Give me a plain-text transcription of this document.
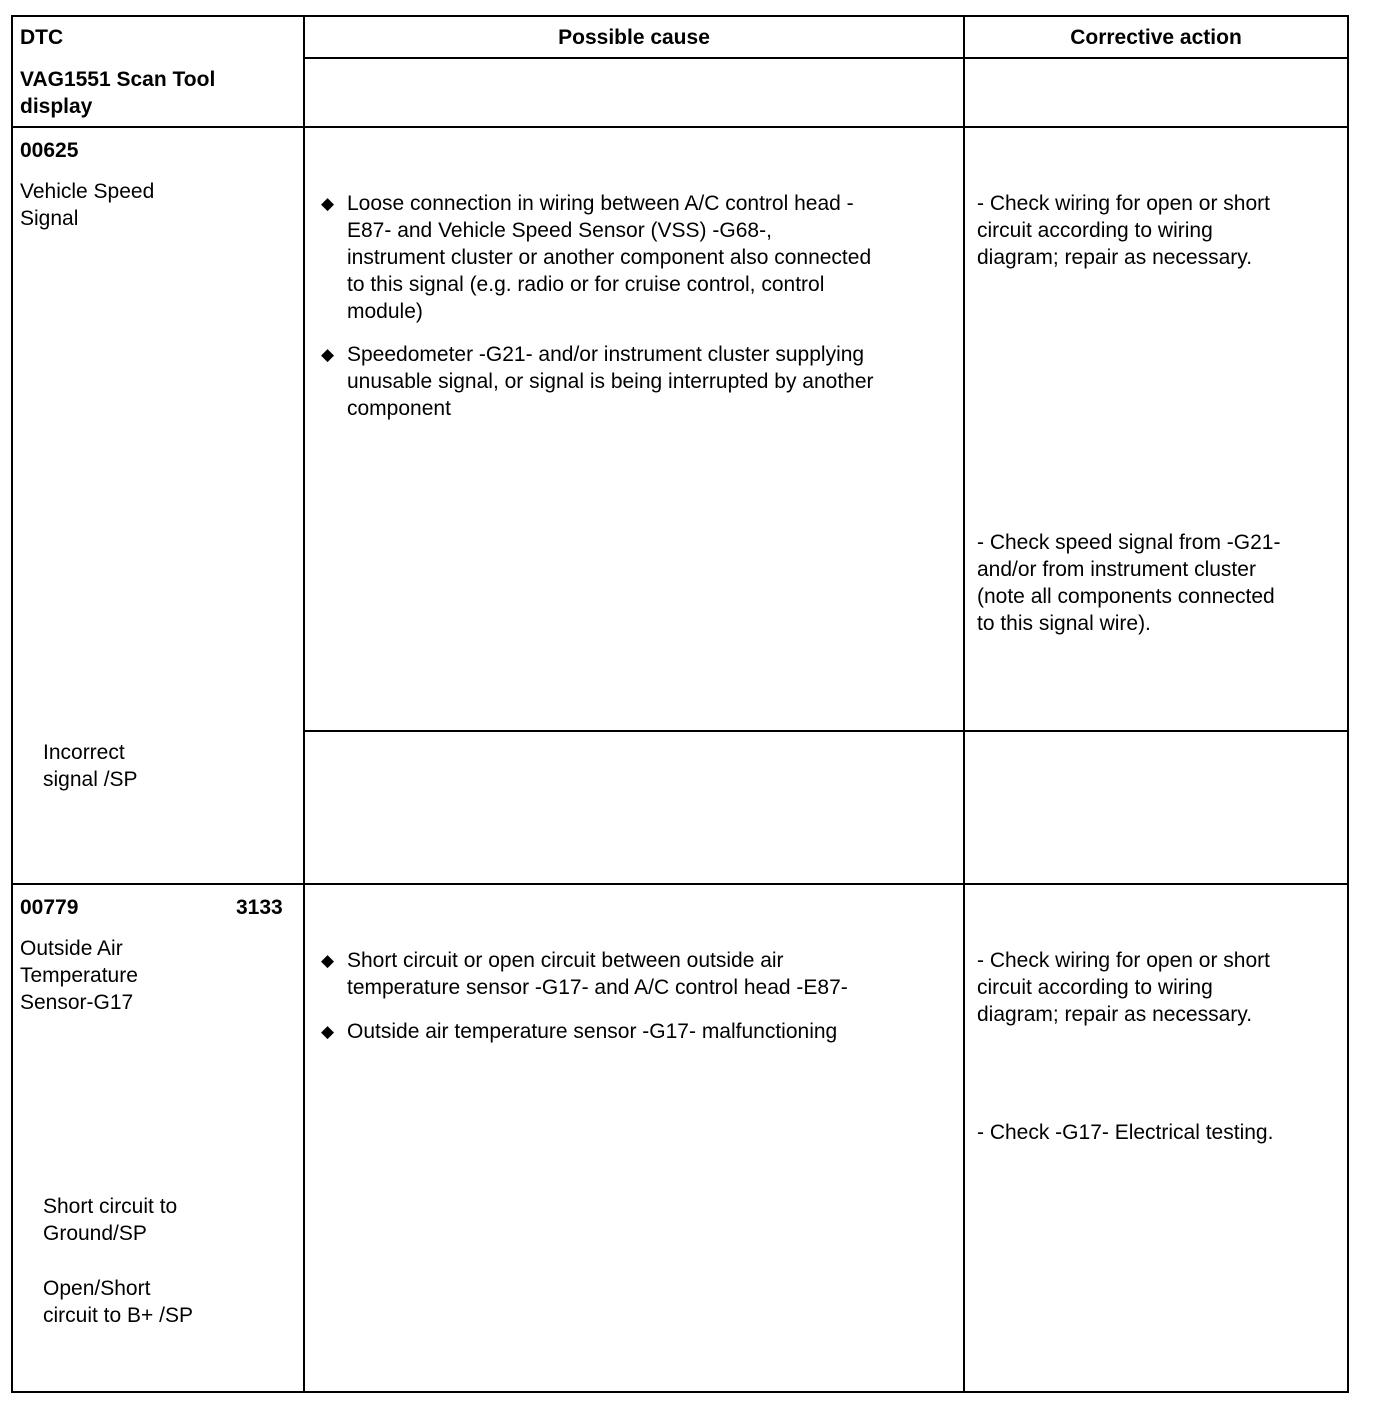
DTC
VAG1551 Scan Tool
display
Possible cause	Corrective action
00625
Vehicle Speed
Signal
Incorrect
signal /SP
◆ Loose connection in wiring between A/C control head -
E87- and Vehicle Speed Sensor (VSS) -G68-,
instrument cluster or another component also connected
to this signal (e.g. radio or for cruise control, control
module)
◆ Speedometer -G21- and/or instrument cluster supplying
unusable signal, or signal is being interrupted by another
component
- Check wiring for open or short
circuit according to wiring
diagram; repair as necessary.
- Check speed signal from -G21-
and/or from instrument cluster
(note all components connected
to this signal wire).
00779	3133
Outside Air
Temperature
Sensor-G17
Short circuit to
Ground/SP
Open/Short
circuit to B+ /SP
◆ Short circuit or open circuit between outside air
temperature sensor -G17- and A/C control head -E87-
◆ Outside air temperature sensor -G17- malfunctioning
- Check wiring for open or short
circuit according to wiring
diagram; repair as necessary.
- Check -G17- Electrical testing.
